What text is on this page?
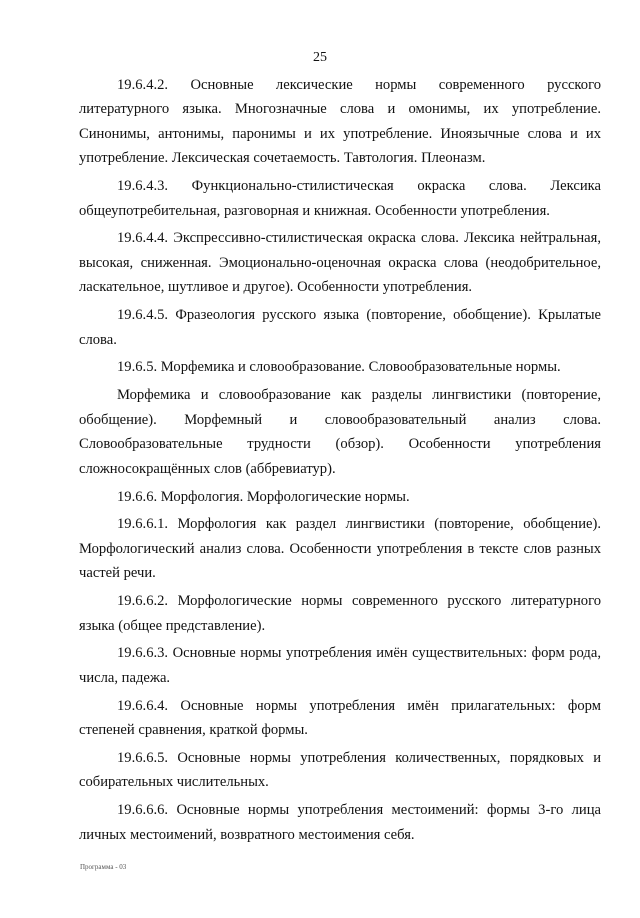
25

19.6.4.2. Основные лексические нормы современного русского литературного языка. Многозначные слова и омонимы, их употребление. Синонимы, антонимы, паронимы и их употребление. Иноязычные слова и их употребление. Лексическая сочетаемость. Тавтология. Плеоназм.

19.6.4.3. Функционально-стилистическая окраска слова. Лексика общеупотребительная, разговорная и книжная. Особенности употребления.

19.6.4.4. Экспрессивно-стилистическая окраска слова. Лексика нейтральная, высокая, сниженная. Эмоционально-оценочная окраска слова (неодобрительное, ласкательное, шутливое и другое). Особенности употребления.

19.6.4.5. Фразеология русского языка (повторение, обобщение). Крылатые слова.

19.6.5. Морфемика и словообразование. Словообразовательные нормы.

Морфемика и словообразование как разделы лингвистики (повторение, обобщение). Морфемный и словообразовательный анализ слова. Словообразовательные трудности (обзор). Особенности употребления сложносокращённых слов (аббревиатур).

19.6.6. Морфология. Морфологические нормы.

19.6.6.1. Морфология как раздел лингвистики (повторение, обобщение). Морфологический анализ слова. Особенности употребления в тексте слов разных частей речи.

19.6.6.2. Морфологические нормы современного русского литературного языка (общее представление).

19.6.6.3. Основные нормы употребления имён существительных: форм рода, числа, падежа.

19.6.6.4. Основные нормы употребления имён прилагательных: форм степеней сравнения, краткой формы.

19.6.6.5. Основные нормы употребления количественных, порядковых и собирательных числительных.

19.6.6.6. Основные нормы употребления местоимений: формы 3-го лица личных местоимений, возвратного местоимения себя.

Программа - 03
